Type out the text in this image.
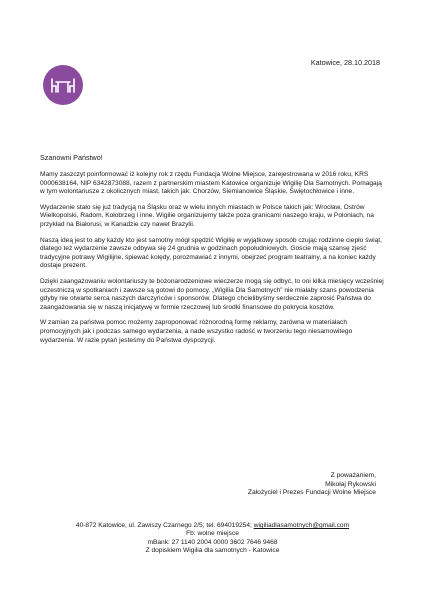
Katowice, 28.10.2018
Szanowni Państwo!

Mamy zaszczyt poinformować iż kolejny rok z rzędu Fundacja Wolne Miejsce, zarejestrowana w 2016 roku, KRS 0000638164, NIP 6342873088, razem z partnerskim miastem Katowice organizuje Wigilię Dla Samotnych. Pomagają w tym wolontariusze z okolicznych miast, takich jak: Chorzów, Siemianowice Śląskie, Świętochłowice i inne.

Wydarzenie stało się już tradycją na Śląsku oraz w wielu innych miastach w Polsce takich jak: Wrocław, Ostrów Wielkopolski, Radom, Kołobrzeg i inne. Wigilie organizujemy także poza granicami naszego kraju, w Poloniach, na przykład na Białorusi, w Kanadzie czy nawet Brazylii.

Naszą ideą jest to aby każdy kto jest samotny mógł spędzić Wigilię w wyjątkowy sposób czując rodzinne ciepło świąt, dlatego też wydarzenie zawsze odbywa się 24 grudnia w godzinach popołudniowych. Goście mają szansę zjeść tradycyjne potrawy Wigilijne, śpiewać kolędy, porozmawiać z innymi, obejrzeć program teatralny, a na koniec każdy dostaje prezent.

Dzięki zaangażowaniu wolontariuszy te bożonarodzeniowe wieczerze mogą się odbyć, to oni kilka miesięcy wcześniej uczestniczą w spotkaniach i zawsze są gotowi do pomocy. „Wigilia Dla Samotnych” nie miałaby szans powodzenia gdyby nie otwarte serca naszych darczyńców i sponsorów. Dlatego chcielibyśmy serdecznie zaprosić Państwa do zaangażowania się w naszą inicjatywę w formie rzeczowej lub środki finansowe do pokrycia kosztów.

W zamian za państwa pomoc możemy zaproponować różnorodną formę reklamy, zarówna w materiałach promocyjnych jak i podczas samego wydarzenia, a nade wszystko radość w tworzeniu tego niesamowitego wydarzenia. W razie pytań jesteśmy do Państwa dyspozycji.

Z poważaniem,
Mikołaj Rykowski
Założyciel i Prezes Fundacji Wolne Miejsce
40-872 Katowice, ul. Zawiszy Czarnego 2/5; tel. 694019254; wigiliadlasamotnych@gmail.com
Fb: wolne miejsce
mBank: 27 1140 2004 0000 3602 7646 9468
Z dopiskiem Wigilia dla samotnych - Katowice
